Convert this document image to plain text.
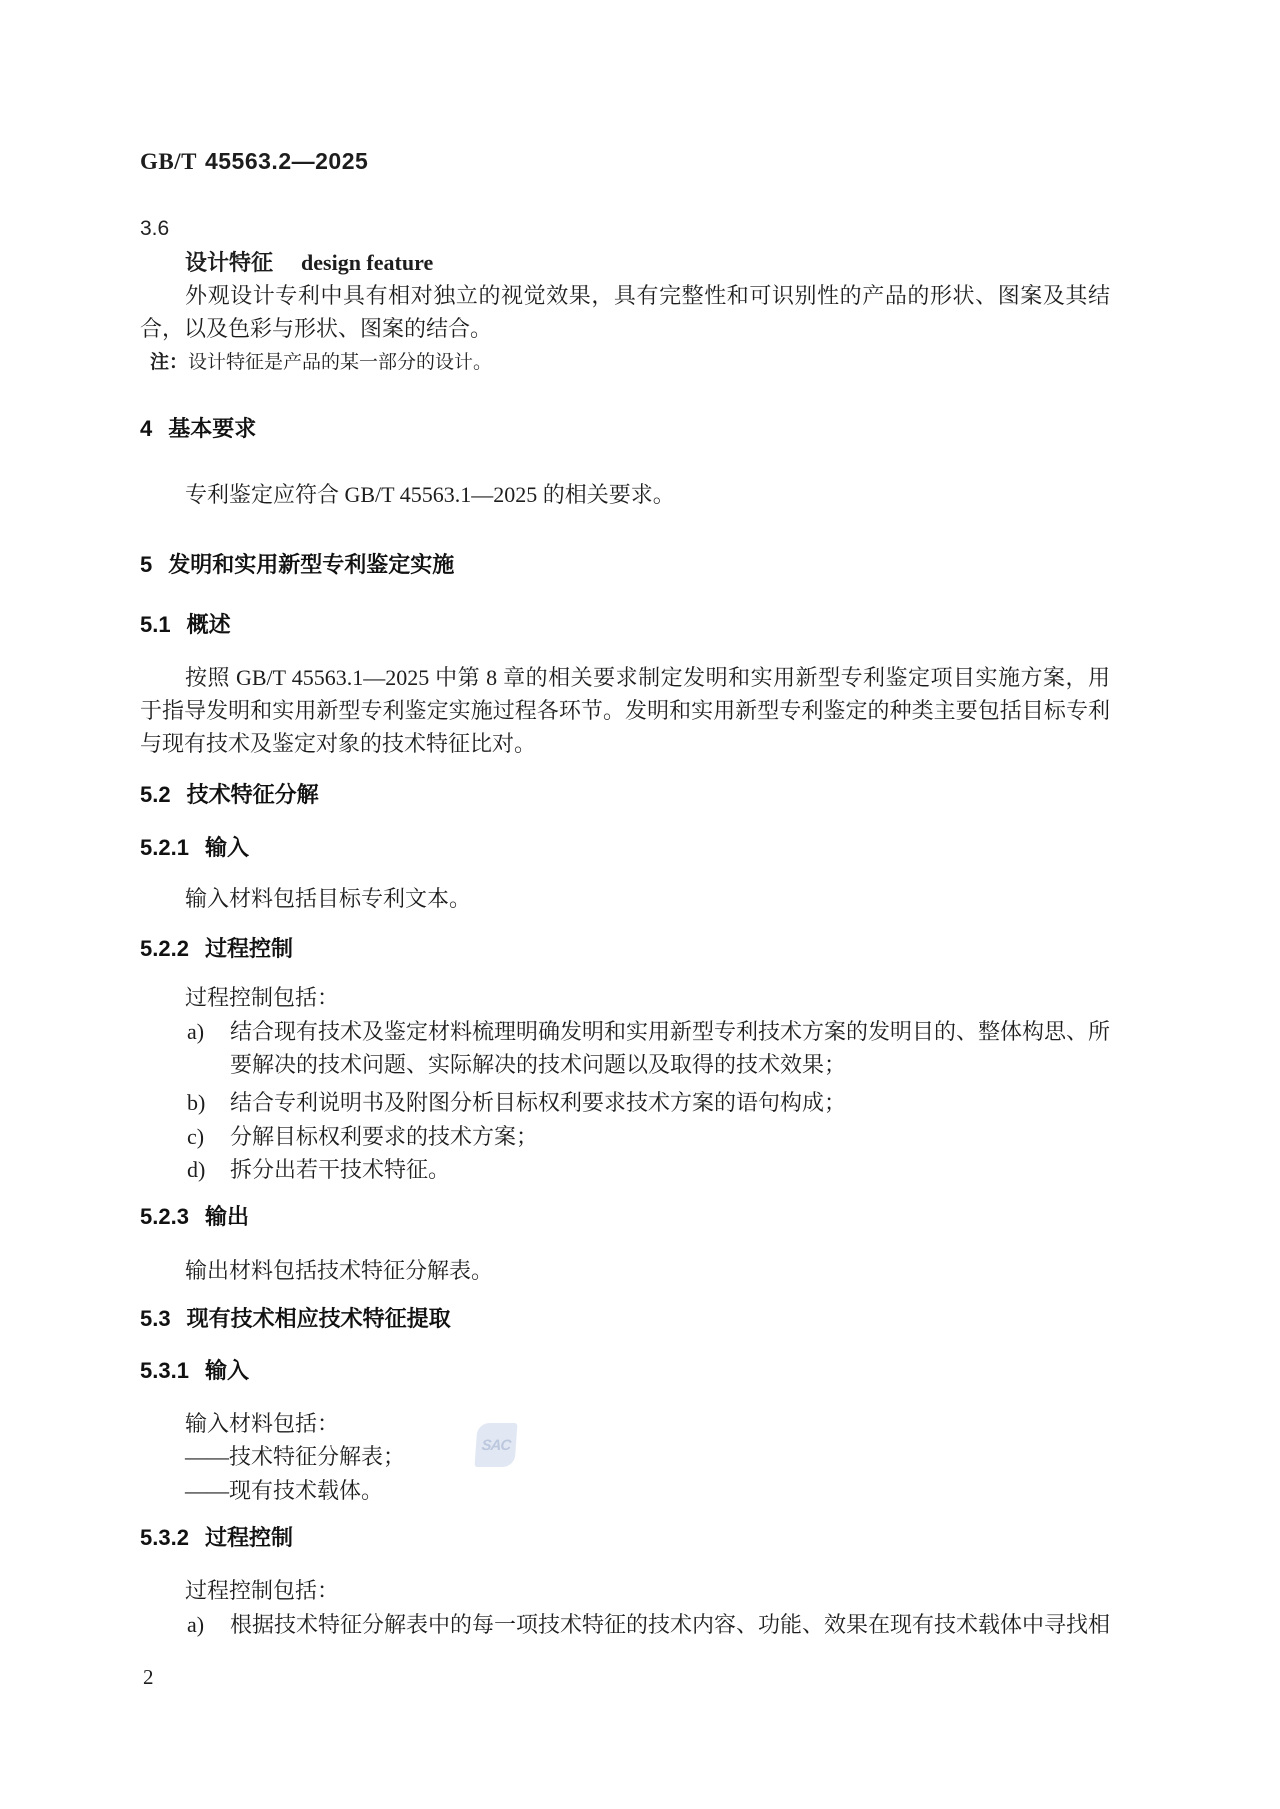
SAC
GB/T 45563.2—2025
3.6
设计特征 design feature

外观设计专利中具有相对独立的视觉效果，具有完整性和可识别性的产品的形状、图案及其结合，以及色彩与形状、图案的结合。

注：设计特征是产品的某一部分的设计。

4 基本要求

专利鉴定应符合 GB/T 45563.1—2025 的相关要求。

5 发明和实用新型专利鉴定实施
5.1 概述

按照 GB/T 45563.1—2025 中第 8 章的相关要求制定发明和实用新型专利鉴定项目实施方案，用于指导发明和实用新型专利鉴定实施过程各环节。发明和实用新型专利鉴定的种类主要包括目标专利与现有技术及鉴定对象的技术特征比对。

5.2 技术特征分解
5.2.1 输入

输入材料包括目标专利文本。

5.2.2 过程控制

过程控制包括：

a) 结合现有技术及鉴定材料梳理明确发明和实用新型专利技术方案的发明目的、整体构思、所要解决的技术问题、实际解决的技术问题以及取得的技术效果；
b) 结合专利说明书及附图分析目标权利要求技术方案的语句构成；
c) 分解目标权利要求的技术方案；
d) 拆分出若干技术特征。
5.2.3 输出

输出材料包括技术特征分解表。

5.3 现有技术相应技术特征提取
5.3.1 输入

输入材料包括：

——技术特征分解表；

——现有技术载体。

5.3.2 过程控制

过程控制包括：

a) 根据技术特征分解表中的每一项技术特征的技术内容、功能、效果在现有技术载体中寻找相
2
